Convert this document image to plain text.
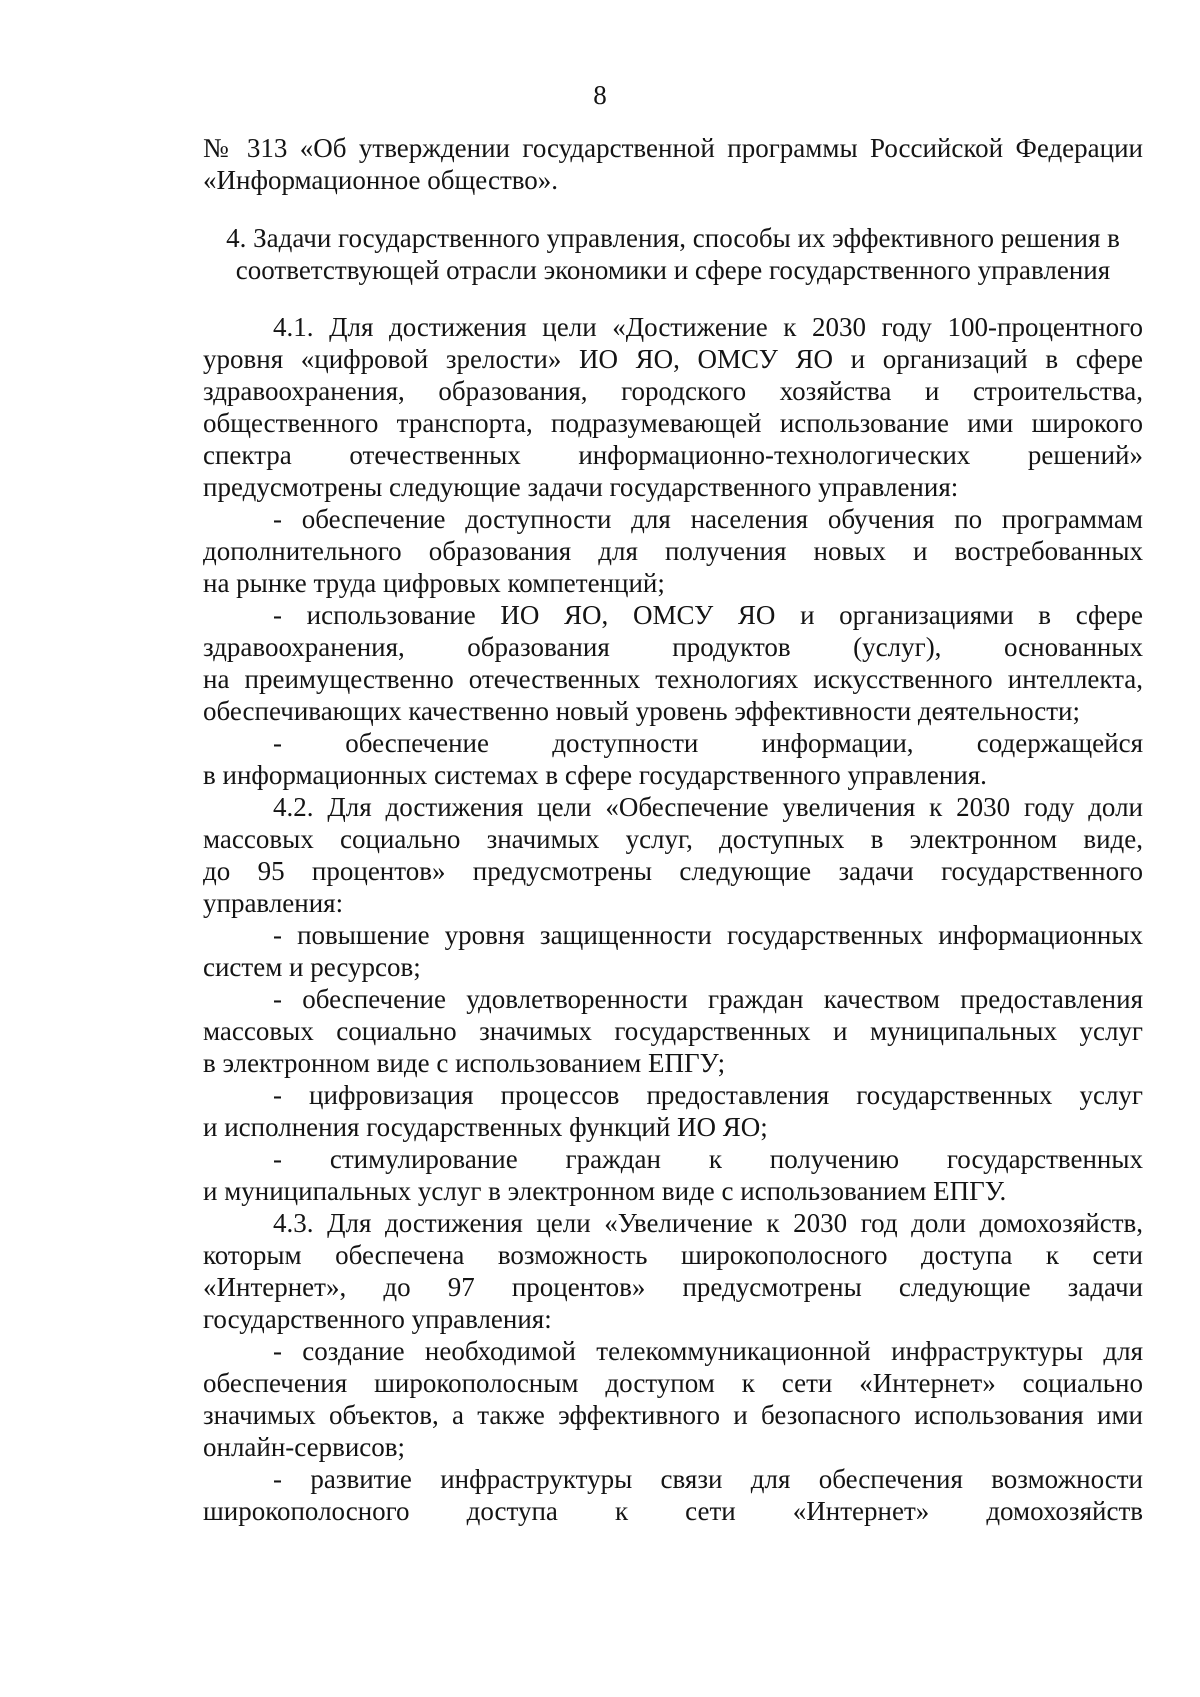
8
№ 313 «Об утверждении государственной программы Российской Федерации
«Информационное общество».
4. Задачи государственного управления, способы их эффективного решения в
соответствующей отрасли экономики и сфере государственного управления
4.1. Для достижения цели «Достижение к 2030 году 100-процентного
уровня «цифровой зрелости» ИО ЯО, ОМСУ ЯО и организаций в сфере
здравоохранения, образования, городского хозяйства и строительства,
общественного транспорта, подразумевающей использование ими широкого
спектра отечественных информационно-технологических решений»
предусмотрены следующие задачи государственного управления:
- обеспечение доступности для населения обучения по программам
дополнительного образования для получения новых и востребованных
на рынке труда цифровых компетенций;
- использование ИО ЯО, ОМСУ ЯО и организациями в сфере
здравоохранения, образования продуктов (услуг), основанных
на преимущественно отечественных технологиях искусственного интеллекта,
обеспечивающих качественно новый уровень эффективности деятельности;
- обеспечение доступности информации, содержащейся
в информационных системах в сфере государственного управления.
4.2. Для достижения цели «Обеспечение увеличения к 2030 году доли
массовых социально значимых услуг, доступных в электронном виде,
до 95 процентов» предусмотрены следующие задачи государственного
управления:
- повышение уровня защищенности государственных информационных
систем и ресурсов;
- обеспечение удовлетворенности граждан качеством предоставления
массовых социально значимых государственных и муниципальных услуг
в электронном виде с использованием ЕПГУ;
- цифровизация процессов предоставления государственных услуг
и исполнения государственных функций ИО ЯО;
- стимулирование граждан к получению государственных
и муниципальных услуг в электронном виде с использованием ЕПГУ.
4.3. Для достижения цели «Увеличение к 2030 год доли домохозяйств,
которым обеспечена возможность широкополосного доступа к сети
«Интернет», до 97 процентов» предусмотрены следующие задачи
государственного управления:
- создание необходимой телекоммуникационной инфраструктуры для
обеспечения широкополосным доступом к сети «Интернет» социально
значимых объектов, а также эффективного и безопасного использования ими
онлайн-сервисов;
- развитие инфраструктуры связи для обеспечения возможности
широкополосного доступа к сети «Интернет» домохозяйств
